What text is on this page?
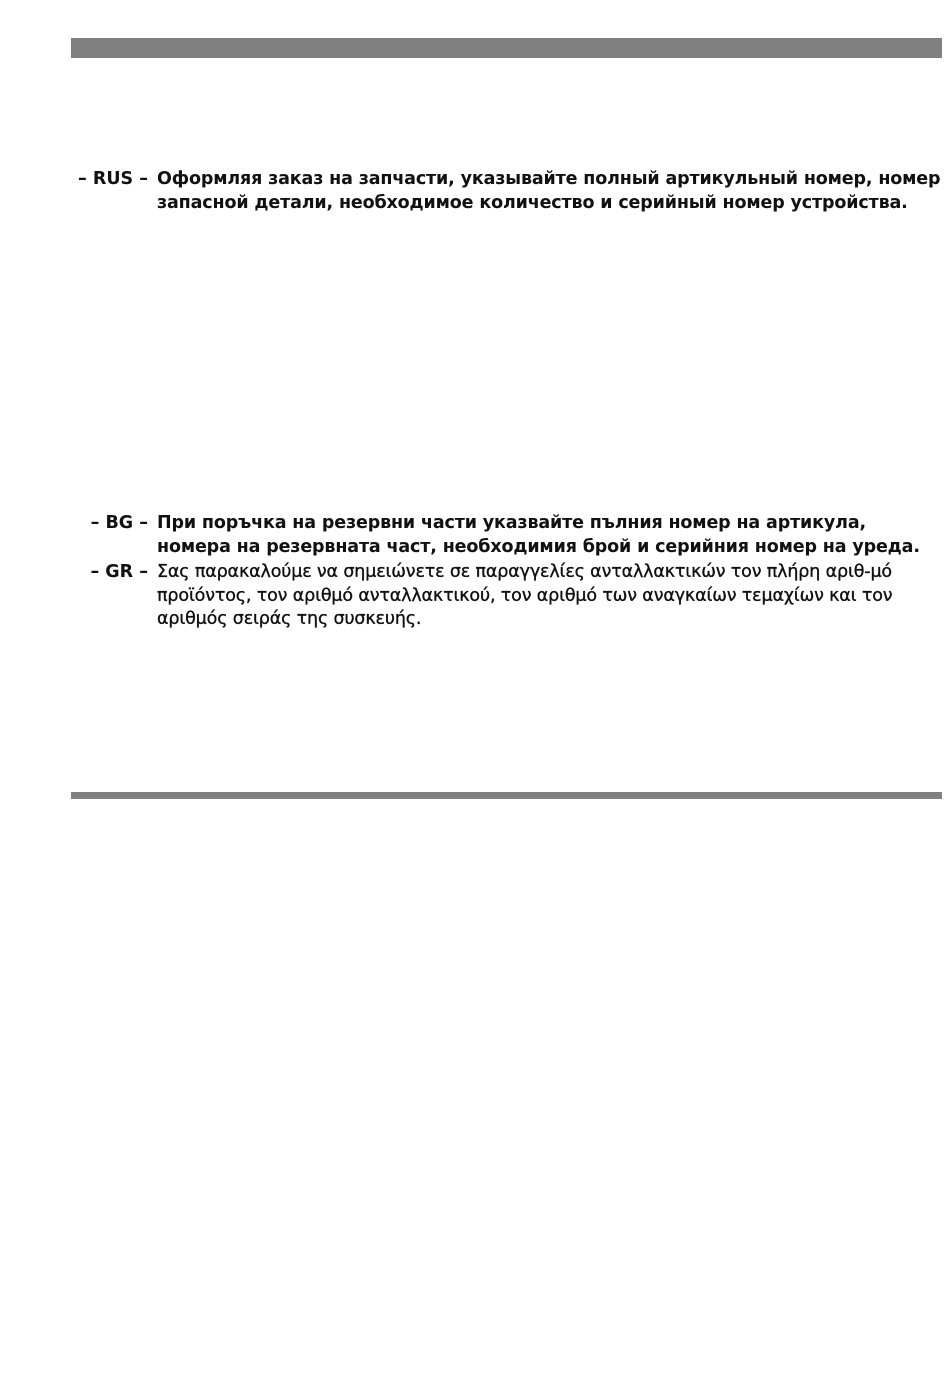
– RUS – Оформляя заказ на запчасти, указывайте полный артикульный номер, номер запасной детали, необходимое количество и серийный номер устройства.
– BG – При поръчка на резервни части указвайте пълния номер на артикула, номера на резервната част, необходимия брой и серийния номер на уреда.
– GR – Σας παρακαλούμε να σημειώνετε σε παραγγελίες ανταλλακτικών τον πλήρη αριθ-μό προϊόντος, τον αριθμό ανταλλακτικού, τον αριθμό των αναγκαίων τεμαχίων και τον αριθμός σειράς της συσκευής.
